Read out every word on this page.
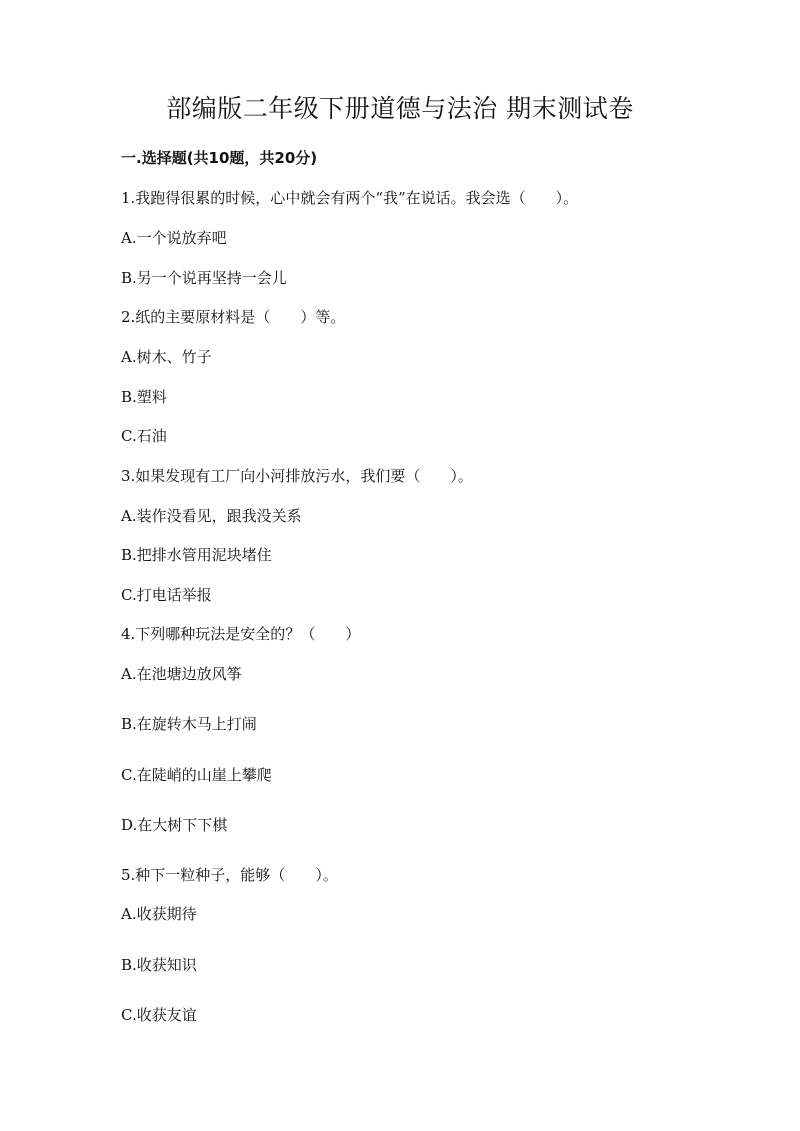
部编版二年级下册道德与法治 期末测试卷
一.选择题(共10题，共20分)
1.我跑得很累的时候，心中就会有两个“我”在说话。我会选（　　）。
A.一个说放弃吧
B.另一个说再坚持一会儿
2.纸的主要原材料是（　　）等。
A.树木、竹子
B.塑料
C.石油
3.如果发现有工厂向小河排放污水，我们要（　　）。
A.装作没看见，跟我没关系
B.把排水管用泥块堵住
C.打电话举报
4.下列哪种玩法是安全的？（　　）
A.在池塘边放风筝
B.在旋转木马上打闹
C.在陡峭的山崖上攀爬
D.在大树下下棋
5.种下一粒种子，能够（　　）。
A.收获期待
B.收获知识
C.收获友谊
